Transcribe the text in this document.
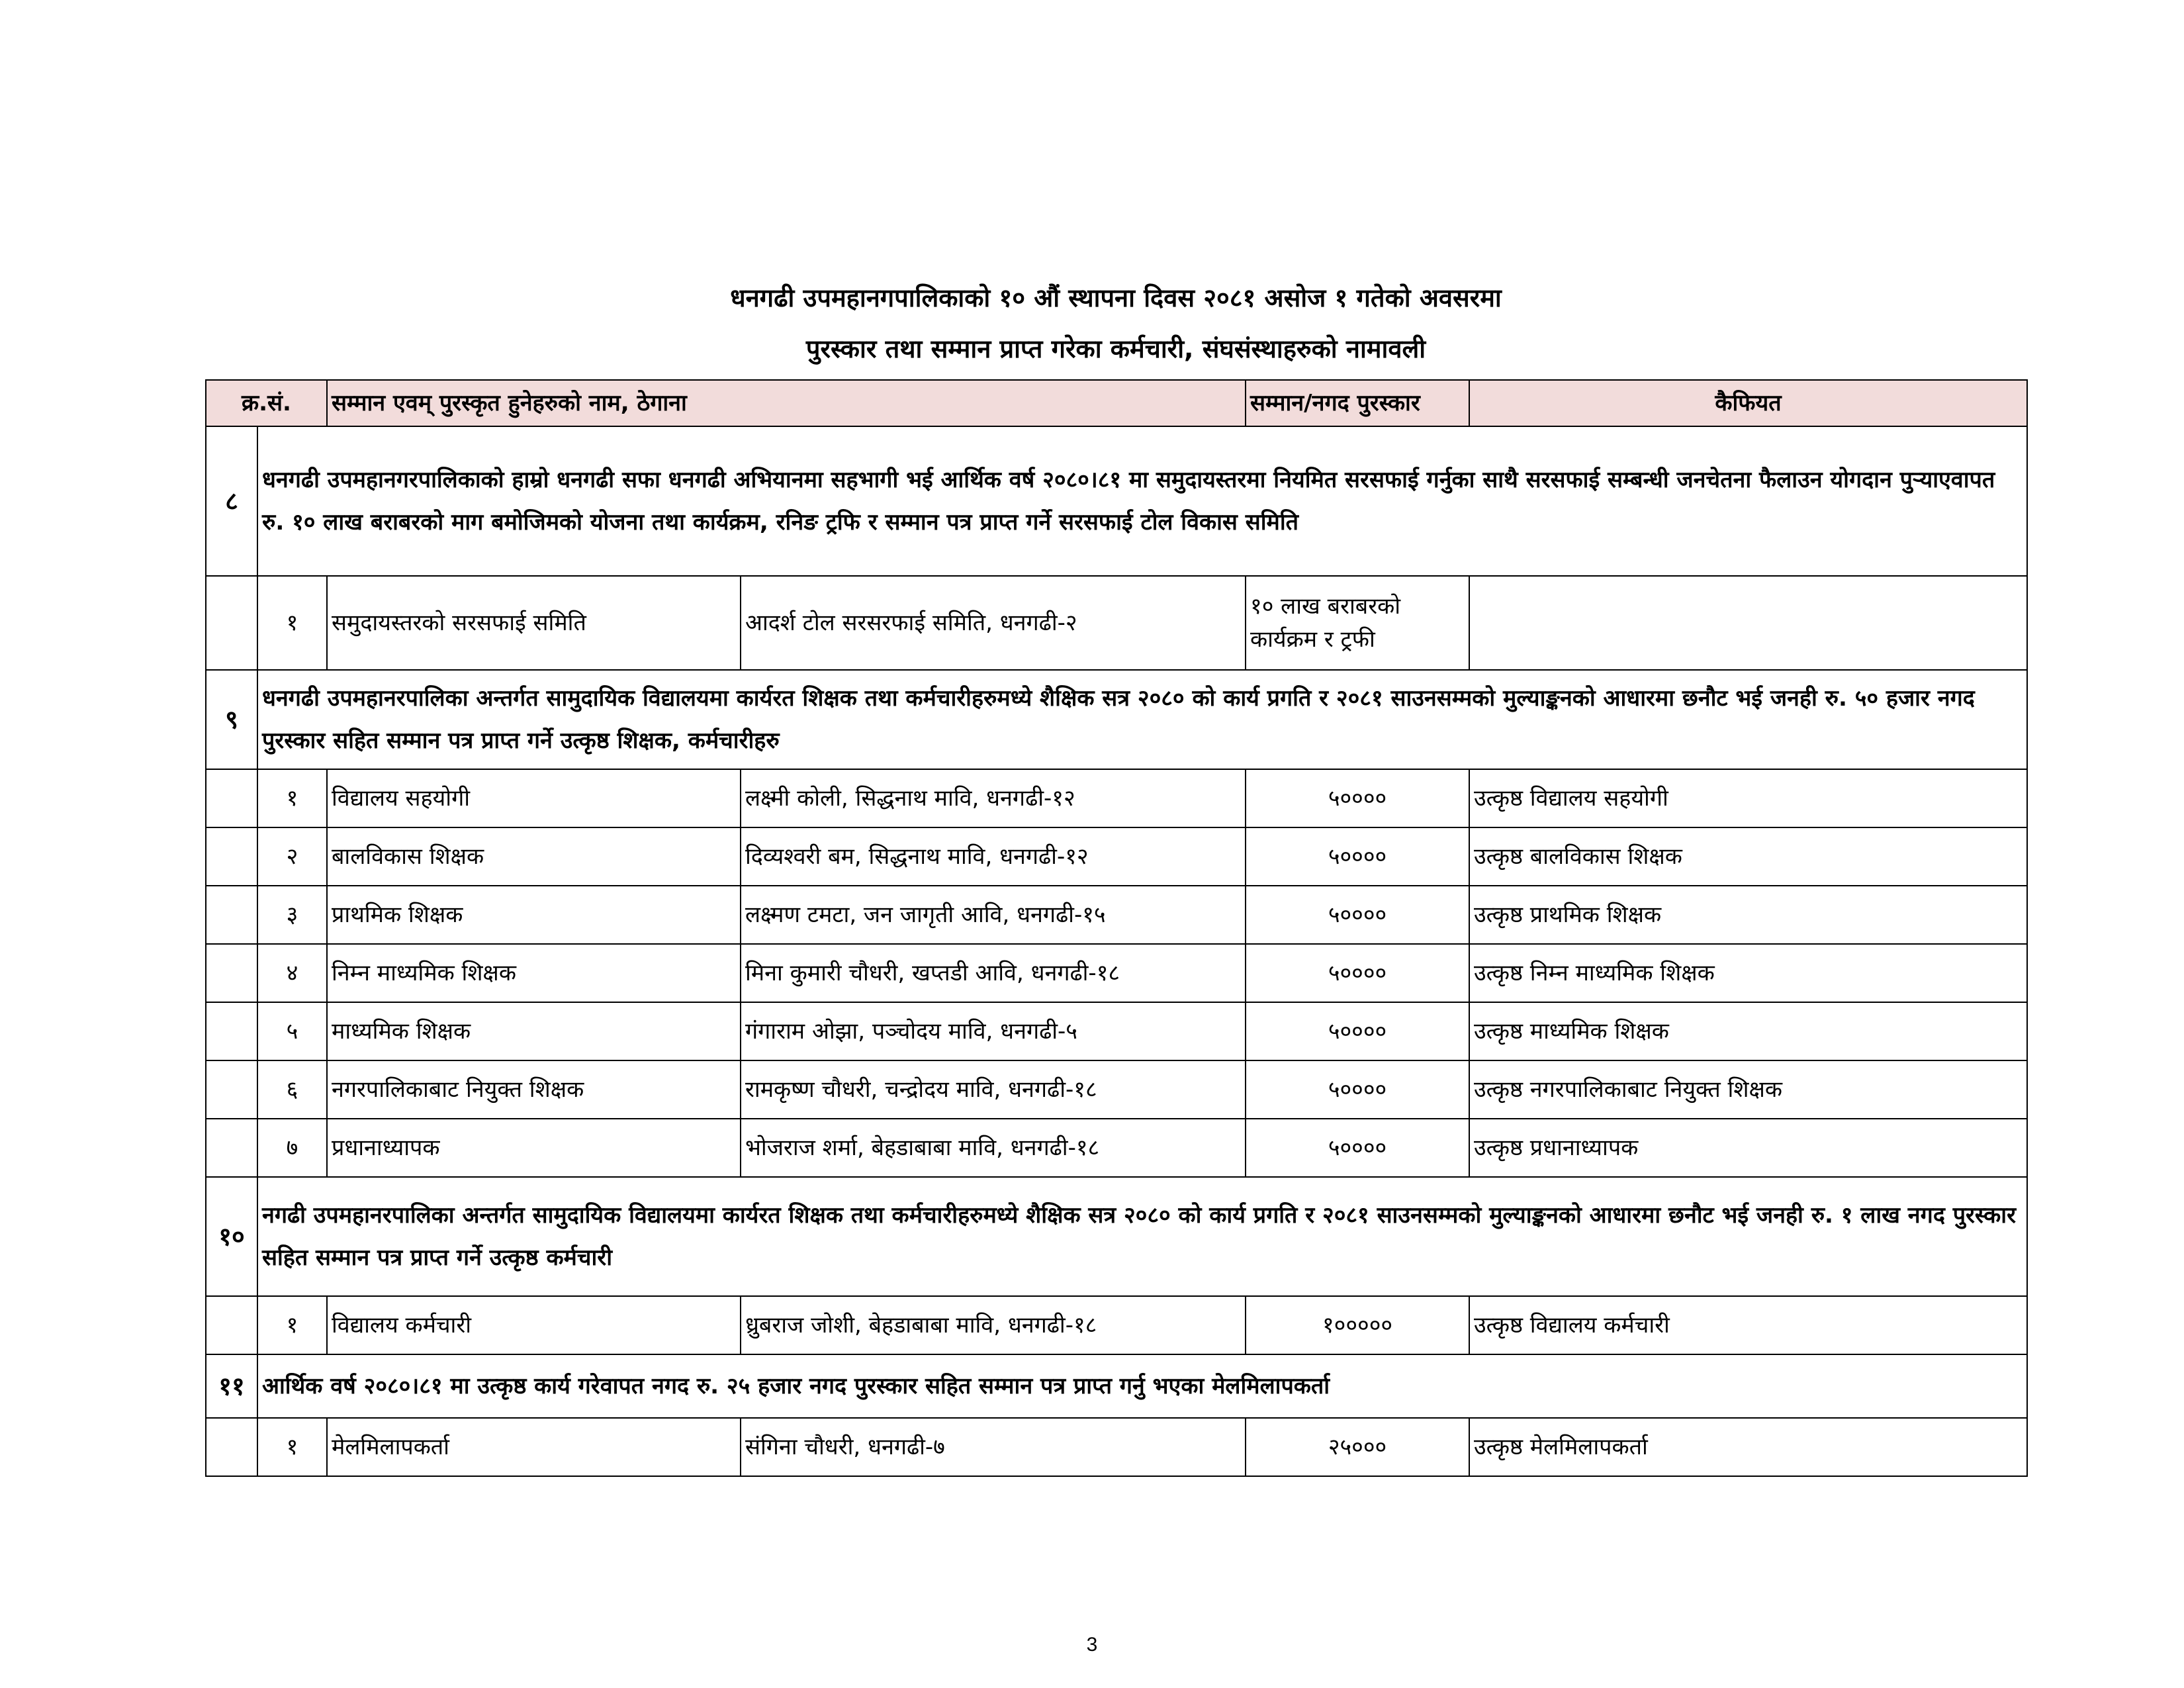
धनगढी उपमहानगपालिकाको १० औं स्थापना दिवस २०८१ असोज १ गतेको अवसरमा
पुरस्कार तथा सम्मान प्राप्त गरेका कर्मचारी, संघसंस्थाहरुको नामावली
क्र.सं.		सम्मान एवम् पुरस्कृत हुनेहरुको नाम, ठेगाना		सम्मान/नगद पुरस्कार	कैफियत
८	धनगढी उपमहानगरपालिकाको हाम्रो धनगढी सफा धनगढी अभियानमा सहभागी भई आर्थिक वर्ष २०८०।८१ मा समुदायस्तरमा नियमित सरसफाई गर्नुका साथै सरसफाई सम्बन्धी जनचेतना फैलाउन योगदान पुर्‍याएवापत रु. १० लाख बराबरको माग बमोजिमको योजना तथा कार्यक्रम, रनिङ ट्रफि र सम्मान पत्र प्राप्त गर्ने सरसफाई टोल विकास समिति				
	१	समुदायस्तरको सरसफाई समिति	आदर्श टोल सरसरफाई समिति, धनगढी-२	१० लाख बराबरको कार्यक्रम र ट्रफी	
९	धनगढी उपमहानरपालिका अन्तर्गत सामुदायिक विद्यालयमा कार्यरत शिक्षक तथा कर्मचारीहरुमध्ये शैक्षिक सत्र २०८० को कार्य प्रगति र २०८१ साउनसम्मको मुल्याङ्कनको आधारमा छनौट भई जनही रु. ५० हजार नगद पुरस्कार सहित सम्मान पत्र प्राप्त गर्ने उत्कृष्ठ शिक्षक, कर्मचारीहरु				
	१	विद्यालय सहयोगी	लक्ष्मी कोली, सिद्धनाथ मावि, धनगढी-१२	५००००	उत्कृष्ठ विद्यालय सहयोगी
	२	बालविकास शिक्षक	दिव्यश्वरी बम, सिद्धनाथ मावि, धनगढी-१२	५००००	उत्कृष्ठ बालविकास शिक्षक
	३	प्राथमिक शिक्षक	लक्ष्मण टमटा, जन जागृती आवि, धनगढी-१५	५००००	उत्कृष्ठ प्राथमिक शिक्षक
	४	निम्न माध्यमिक शिक्षक	मिना कुमारी चौधरी, खप्तडी आवि, धनगढी-१८	५००००	उत्कृष्ठ निम्न माध्यमिक शिक्षक
	५	माध्यमिक शिक्षक	गंगाराम ओझा, पञ्चोदय मावि, धनगढी-५	५००००	उत्कृष्ठ माध्यमिक शिक्षक
	६	नगरपालिकाबाट नियुक्त शिक्षक	रामकृष्ण चौधरी, चन्द्रोदय मावि, धनगढी-१८	५००००	उत्कृष्ठ नगरपालिकाबाट नियुक्त शिक्षक
	७	प्रधानाध्यापक	भोजराज शर्मा, बेहडाबाबा मावि, धनगढी-१८	५००००	उत्कृष्ठ प्रधानाध्यापक
१०	नगढी उपमहानरपालिका अन्तर्गत सामुदायिक विद्यालयमा कार्यरत शिक्षक तथा कर्मचारीहरुमध्ये शैक्षिक सत्र २०८० को कार्य प्रगति र २०८१ साउनसम्मको मुल्याङ्कनको आधारमा छनौट भई जनही रु. १ लाख नगद पुरस्कार सहित सम्मान पत्र प्राप्त गर्ने उत्कृष्ठ कर्मचारी				
	१	विद्यालय कर्मचारी	ध्रुबराज जोशी, बेहडाबाबा मावि, धनगढी-१८	१०००००	उत्कृष्ठ विद्यालय कर्मचारी
११	आर्थिक वर्ष २०८०।८१ मा उत्कृष्ठ कार्य गरेवापत नगद रु. २५ हजार नगद पुरस्कार सहित सम्मान पत्र प्राप्त गर्नु भएका मेलमिलापकर्ता				
	१	मेलमिलापकर्ता	संगिना चौधरी, धनगढी-७	२५०००	उत्कृष्ठ मेलमिलापकर्ता
3
